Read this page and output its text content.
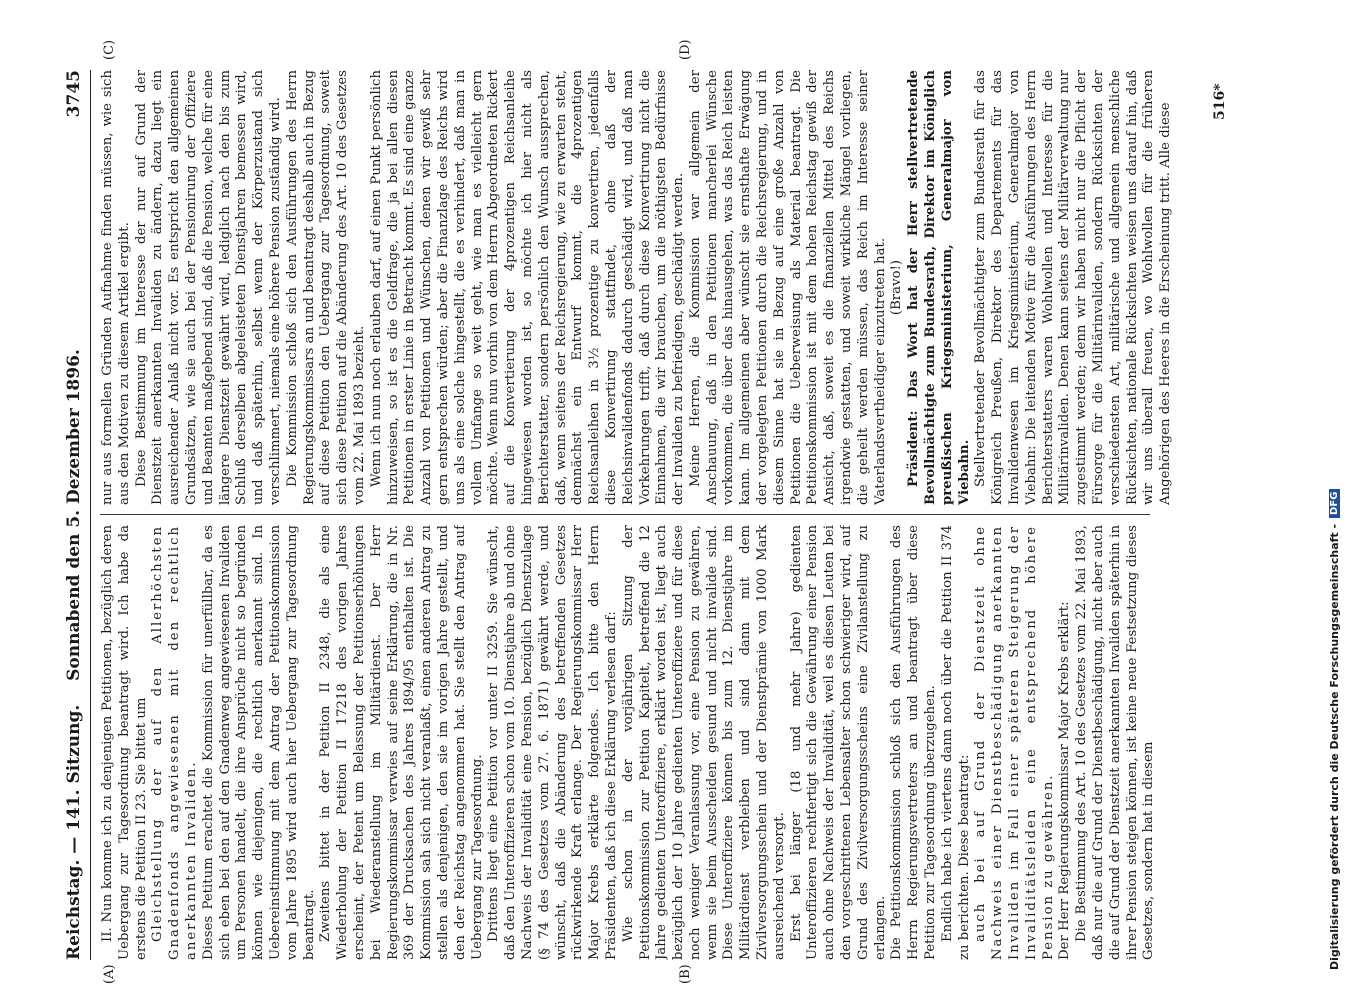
Reichstag. — 141. Sitzung.
Sonnabend den 5. Dezember 1896.
3745
(A)	(B)
(C)	(D)

II. Nun komme ich zu denjenigen Petitionen, bezüglich deren Uebergang zur Tagesordnung beantragt wird. Ich habe da erstens die Petition II 23. Sie bittet um Gleichstellung der auf den Allerhöchsten Gnadenfonds angewiesenen mit den rechtlich anerkannten Invaliden. Dieses Petitum erachtet die Kommission für unerfüllbar, da es sich eben bei den auf den Gnadenweg angewiesenen Invaliden um Personen handelt, die ihre Ansprüche nicht so begründen können wie diejenigen, die rechtlich anerkannt sind. In Uebereinstimmung mit dem Antrag der Petitionskommission vom Jahre 1895 wird auch hier Uebergang zur Tagesordnung beantragt. Zweitens bittet in der Petition II 2348, die als eine Wiederholung der Petition II 17218 des vorigen Jahres erscheint, der Petent um Belassung der Petitionserhöhungen bei Wiederanstellung im Militärdienst. Der Herr Regierungskommissar verwies auf seine Erklärung, die in Nr. 369 der Drucksachen des Jahres 1894/95 enthalten ist. Die Kommission sah sich nicht veranlaßt, einen anderen Antrag zu stellen als denjenigen, den sie im vorigen Jahre gestellt, und den der Reichstag angenommen hat. Sie stellt den Antrag auf Uebergang zur Tagesordnung. Drittens liegt eine Petition vor unter II 3259. Sie wünscht, daß den Unteroffizieren schon vom 10. Dienstjahre ab und ohne Nachweis der Invalidität eine Pension, bezüglich Dienstzulage (§ 74 des Gesetzes vom 27. 6. 1871) gewährt werde, und wünscht, daß die Abänderung des betreffenden Gesetzes rückwirkende Kraft erlange. Der Regierungskommissar Herr Major Krebs erklärte folgendes. Ich bitte den Herrn Präsidenten, daß ich diese Erklärung verlesen darf: Wie schon in der vorjährigen Sitzung der Petitionskommission zur Petition Kapitelt, betreffend die 12 Jahre gedienten Unteroffiziere, erklärt worden ist, liegt auch bezüglich der 10 Jahre gedienten Unteroffiziere und für diese noch weniger Veranlassung vor, eine Pension zu gewähren, wenn sie beim Ausscheiden gesund und nicht invalide sind. Diese Unteroffiziere können bis zum 12. Dienstjahre im Militärdienst verbleiben und sind dann mit dem Zivilversorgungsschein und der Dienstprämie von 1000 Mark ausreichend versorgt. Erst bei länger (18 und mehr Jahre) gedienten Unteroffizieren rechtfertigt sich die Gewährung einer Pension auch ohne Nachweis der Invalidität, weil es diesen Leuten bei den vorgeschrittenen Lebensalter schon schwieriger wird, auf Grund des Zivilversorgungsscheins eine Zivilanstellung zu erlangen. Die Petitionskommission schloß sich den Ausführungen des Herrn Regierungsvertreters an und beantragt über diese Petition zur Tagesordnung überzugehen. Endlich habe ich viertens dann noch über die Petition II 374 zu berichten. Diese beantragt: auch bei auf Grund der Dienstzeit ohne Nachweis einer Dienstbeschädigung anerkannten Invaliden im Fall einer späteren Steigerung der Invaliditätsleiden eine entsprechend höhere Pension zu gewähren. Der Herr Regierungskommissar Major Krebs erklärt: Die Bestimmung des Art. 10 des Gesetzes vom 22. Mai 1893, daß nur die auf Grund der Dienstbeschädigung, nicht aber auch die auf Grund der Dienstzeit anerkannten Invaliden späterhin in ihrer Pension steigen können, ist keine neue Festsetzung dieses Gesetzes, sondern hat in diesem

nur aus formellen Gründen Aufnahme finden müssen, wie sich aus den Motiven zu diesem Artikel ergibt. Diese Bestimmung im Interesse der nur auf Grund der Dienstzeit anerkannten Invaliden zu ändern, dazu liegt ein ausreichender Anlaß nicht vor. Es entspricht den allgemeinen Grundsätzen, wie sie auch bei der Pensionirung der Offiziere und Beamten maßgebend sind, daß die Pension, welche für eine längere Dienstzeit gewährt wird, lediglich nach den bis zum Schluß derselben abgeleisteten Dienstjahren bemessen wird, und daß späterhin, selbst wenn der Körperzustand sich verschlimmert, niemals eine höhere Pension zuständig wird. Die Kommission schloß sich den Ausführungen des Herrn Regierungskommissars an und beantragt deshalb auch in Bezug auf diese Petition den Uebergang zur Tagesordnung, soweit sich diese Petition auf die Abänderung des Art. 10 des Gesetzes vom 22. Mai 1893 bezieht. Wenn ich nun noch erlauben darf, auf einen Punkt persönlich hinzuweisen, so ist es die Geldfrage, die ja bei allen diesen Petitionen in erster Linie in Betracht kommt. Es sind eine ganze Anzahl von Petitionen und Wünschen, denen wir gewiß sehr gern entsprechen würden; aber die Finanzlage des Reichs wird uns als eine solche hingestellt, die es verhindert, daß man in vollem Umfange so weit geht, wie man es vielleicht gern möchte. Wenn nun vorhin von dem Herrn Abgeordneten Rickert auf die Konvertierung der 4prozentigen Reichsanleihe hingewiesen worden ist, so möchte ich hier nicht als Berichterstatter, sondern persönlich den Wunsch aussprechen, daß, wenn seitens der Reichsregierung, wie zu erwarten steht, demnächst ein Entwurf kommt, die 4prozentigen Reichsanleihen in 3½ prozentige zu konvertiren, jedenfalls diese Konvertirung stattfindet, ohne daß der Reichsinvalidenfonds dadurch geschädigt wird, und daß man Vorkehrungen trifft, daß durch diese Konvertirung nicht die Einnahmen, die wir brauchen, um die nöthigsten Bedürfnisse der Invaliden zu befriedigen, geschädigt werden. Meine Herren, die Kommission war allgemein der Anschauung, daß in den Petitionen mancherlei Wünsche vorkommen, die über das hinausgehen, was das Reich leisten kann. Im allgemeinen aber wünscht sie ernsthafte Erwägung der vorgelegten Petitionen durch die Reichsregierung, und in diesem Sinne hat sie in Bezug auf eine große Anzahl von Petitionen die Ueberweisung als Material beantragt. Die Petitionskommission ist mit dem hohen Reichstag gewiß der Ansicht, daß, soweit es die finanziellen Mittel des Reichs irgendwie gestatten, und soweit wirkliche Mängel vorliegen, die geheilt werden müssen, das Reich im Interesse seiner Vaterlandsvertheidiger einzutreten hat. (Bravo!) Präsident: Das Wort hat der Herr stellvertretende Bevollmächtigte zum Bundesrath, Direktor im Königlich preußischen Kriegsministerium, Generalmajor von Viebahn. Stellvertretender Bevollmächtigter zum Bundesrath für das Königreich Preußen, Direktor des Departements für das Invalidenwesen im Kriegsministerium, Generalmajor von Viebahn: Die leitenden Motive für die Ausführungen des Herrn Berichterstatters waren Wohlwollen und Interesse für die Militärinvaliden. Denen kann seitens der Militärverwaltung nur zugestimmt werden; denn wir haben nicht nur die Pflicht der Fürsorge für die Militärinvaliden, sondern Rücksichten der verschiedensten Art, militärische und allgemein menschliche Rücksichten, nationale Rücksichten weisen uns darauf hin, daß wir uns überall freuen, wo Wohlwollen für die früheren Angehörigen des Heeres in die Erscheinung tritt. Alle diese

516*
Digitalisierung gefördert durch die Deutsche Forschungsgemeinschaft -
DFG
